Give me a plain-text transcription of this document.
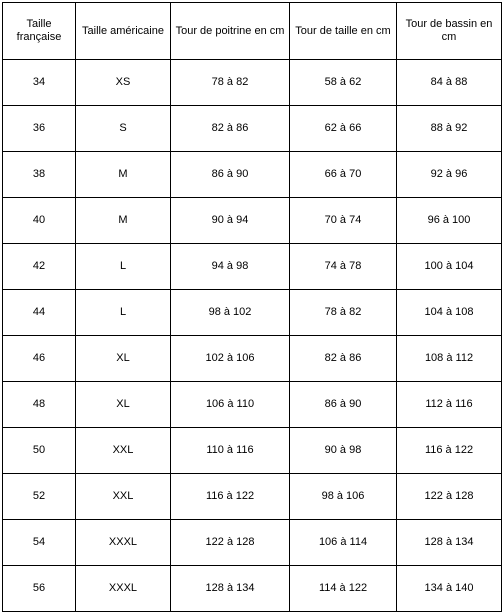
Taille française	Taille américaine	Tour de poitrine en cm	Tour de taille en cm	Tour de bassin en cm
34	XS	78 à 82	58 à 62	84 à 88
36	S	82 à 86	62 à 66	88 à 92
38	M	86 à 90	66 à 70	92 à 96
40	M	90 à 94	70 à 74	96 à 100
42	L	94 à 98	74 à 78	100 à 104
44	L	98 à 102	78 à 82	104 à 108
46	XL	102 à 106	82 à 86	108 à 112
48	XL	106 à 110	86 à 90	112 à 116
50	XXL	110 à 116	90 à 98	116 à 122
52	XXL	116 à 122	98 à 106	122 à 128
54	XXXL	122 à 128	106 à 114	128 à 134
56	XXXL	128 à 134	114 à 122	134 à 140
